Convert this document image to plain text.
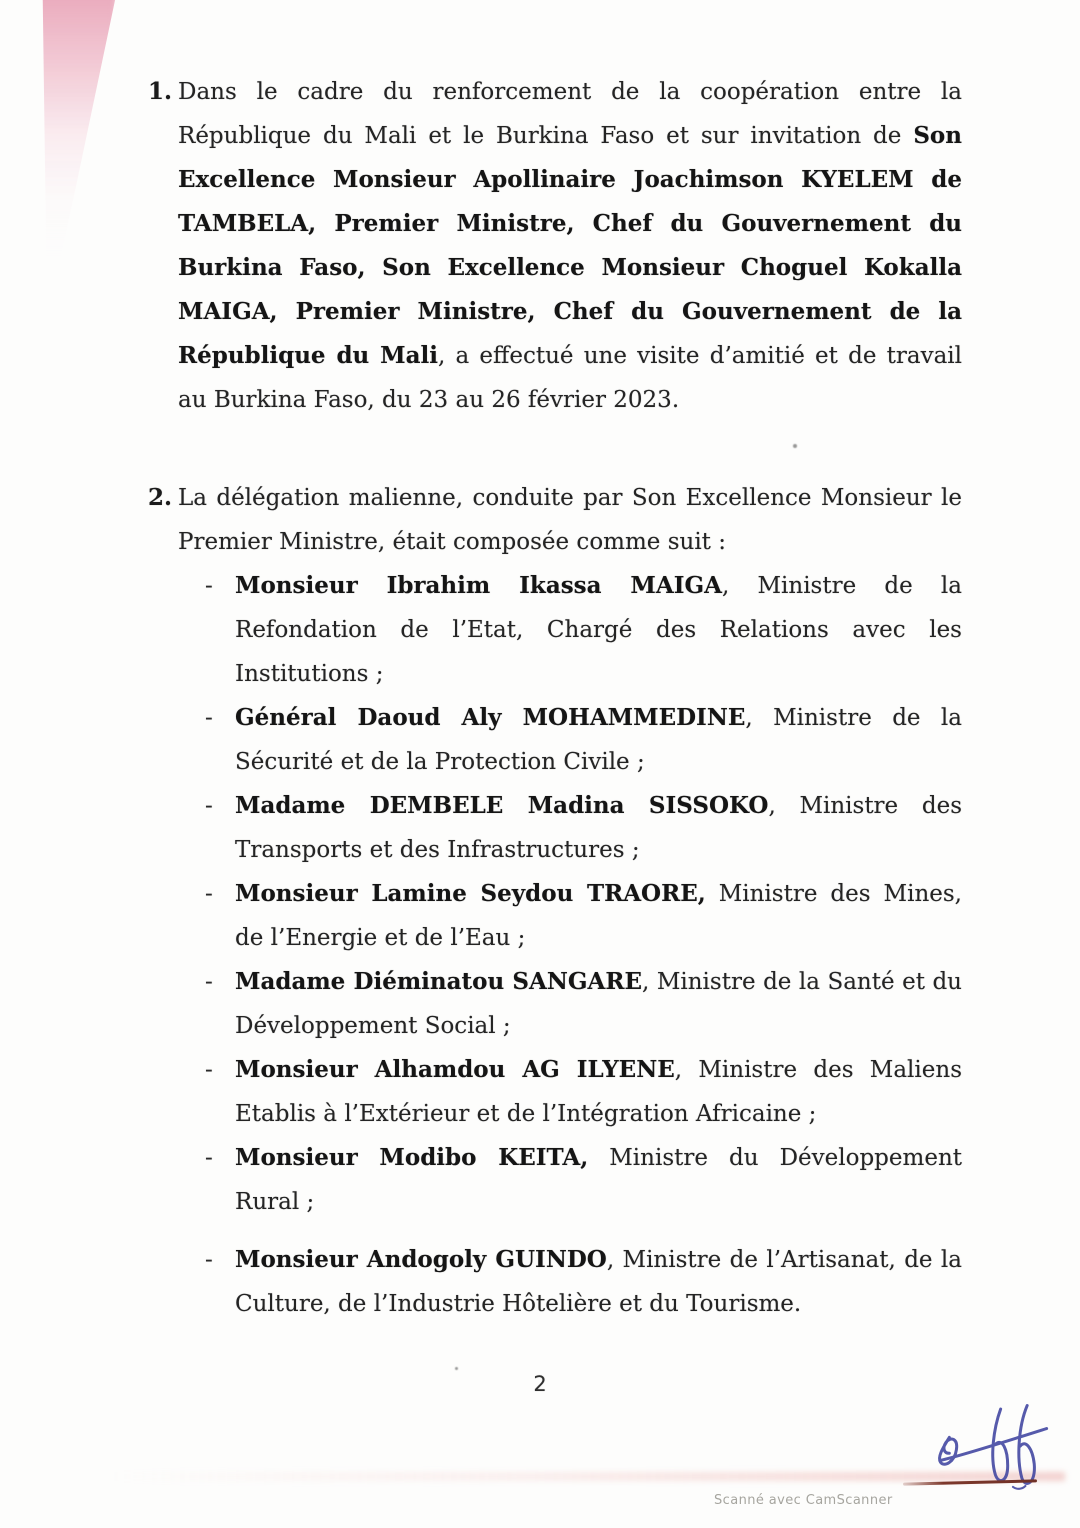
1. Dans le cadre du renforcement de la coopération entre la République du Mali et le Burkina Faso et sur invitation de Son Excellence Monsieur Apollinaire Joachimson KYELEM de TAMBELA, Premier Ministre, Chef du Gouvernement du Burkina Faso, Son Excellence Monsieur Choguel Kokalla MAIGA, Premier Ministre, Chef du Gouvernement de la République du Mali, a effectué une visite d’amitié et de travail au Burkina Faso, du 23 au 26 février 2023.
2. La délégation malienne, conduite par Son Excellence Monsieur le Premier Ministre, était composée comme suit :
- Monsieur Ibrahim Ikassa MAIGA, Ministre de la Refondation de l’Etat, Chargé des Relations avec les Institutions ;
- Général Daoud Aly MOHAMMEDINE, Ministre de la Sécurité et de la Protection Civile ;
- Madame DEMBELE Madina SISSOKO, Ministre des Transports et des Infrastructures ;
- Monsieur Lamine Seydou TRAORE, Ministre des Mines, de l’Energie et de l’Eau ;
- Madame Diéminatou SANGARE, Ministre de la Santé et du Développement Social ;
- Monsieur Alhamdou AG ILYENE, Ministre des Maliens Etablis à l’Extérieur et de l’Intégration Africaine ;
- Monsieur Modibo KEITA, Ministre du Développement Rural ;
- Monsieur Andogoly GUINDO, Ministre de l’Artisanat, de la Culture, de l’Industrie Hôtelière et du Tourisme.
2
Scanné avec CamScanner
